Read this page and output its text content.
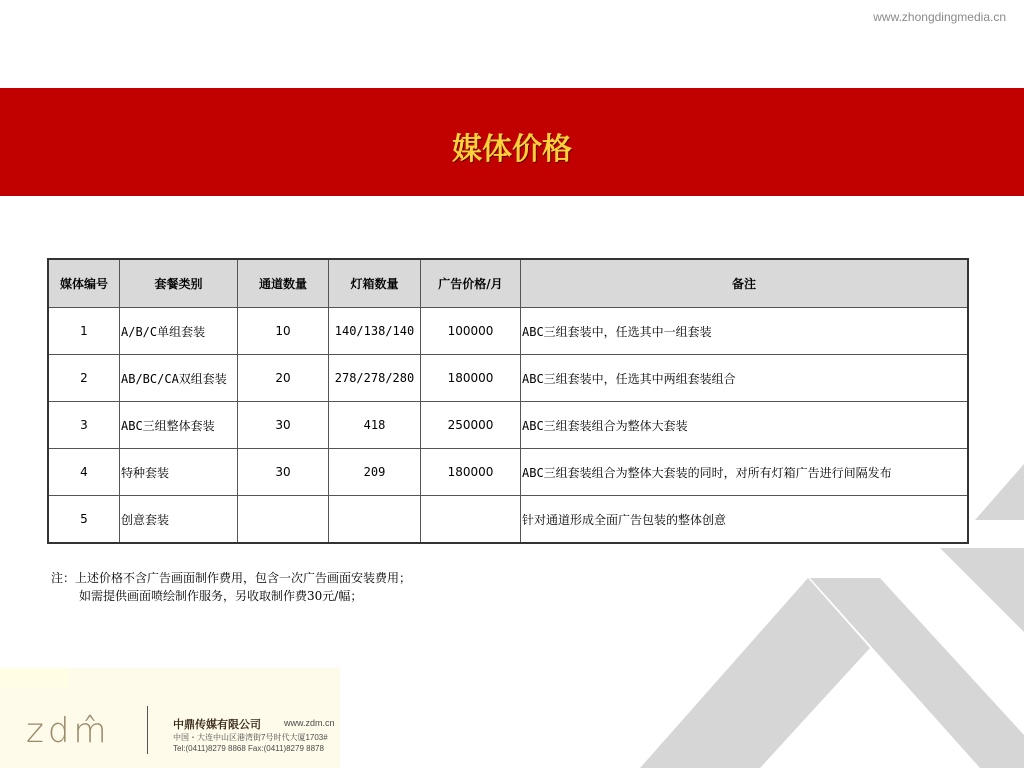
www.zhongdingmedia.cn
媒体价格
媒体编号	套餐类别	通道数量	灯箱数量	广告价格/月	备注
1	A/B/C单组套装	10	140/138/140	100000	ABC三组套装中，任选其中一组套装
2	AB/BC/CA双组套装	20	278/278/280	180000	ABC三组套装中，任选其中两组套装组合
3	ABC三组整体套装	30	418	250000	ABC三组套装组合为整体大套装
4	特种套装	30	209	180000	ABC三组套装组合为整体大套装的同时，对所有灯箱广告进行间隔发布
5	创意套装				针对通道形成全面广告包装的整体创意
注：上述价格不含广告画面制作费用，包含一次广告画面安装费用；
如需提供画面喷绘制作服务，另收取制作费30元/幅；
zdm̂	中鼎传媒有限公司	www.zdm.cn
中国・大连中山区港湾街7号时代大厦1703#
Tel:(0411)8279 8868 Fax:(0411)8279 8878
